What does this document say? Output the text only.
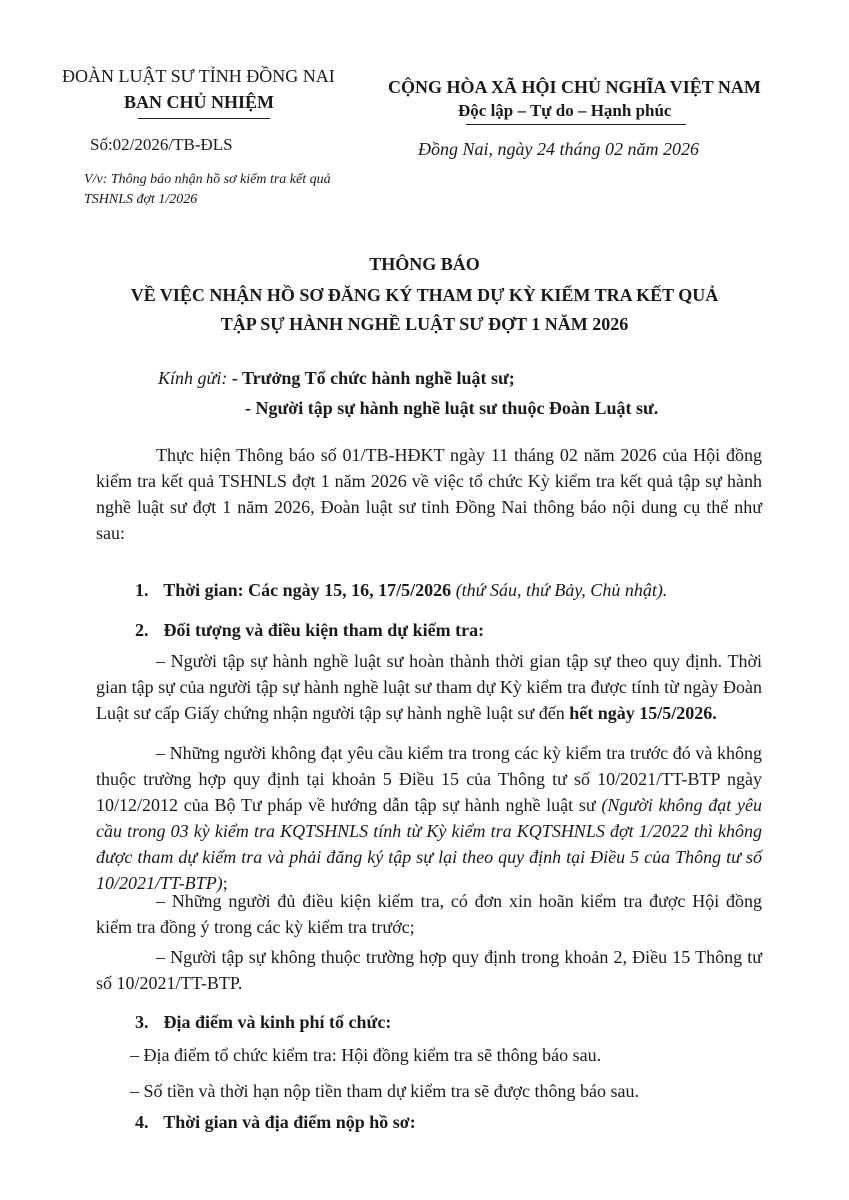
ĐOÀN LUẬT SƯ TỈNH ĐỒNG NAI
BAN CHỦ NHIỆM
Số:02/2026/TB-ĐLS
V/v: Thông báo nhận hồ sơ kiểm tra kết quả TSHNLS đợt 1/2026
CỘNG HÒA XÃ HỘI CHỦ NGHĨA VIỆT NAM
Độc lập – Tự do – Hạnh phúc
Đồng Nai, ngày 24 tháng 02 năm 2026
THÔNG BÁO
VỀ VIỆC NHẬN HỒ SƠ ĐĂNG KÝ THAM DỰ KỲ KIỂM TRA KẾT QUẢ
TẬP SỰ HÀNH NGHỀ LUẬT SƯ ĐỢT 1 NĂM 2026
Kính gửi: - Trưởng Tổ chức hành nghề luật sư;
- Người tập sự hành nghề luật sư thuộc Đoàn Luật sư.

Thực hiện Thông báo số 01/TB-HĐKT ngày 11 tháng 02 năm 2026 của Hội đồng kiểm tra kết quả TSHNLS đợt 1 năm 2026 về việc tổ chức Kỳ kiểm tra kết quả tập sự hành nghề luật sư đợt 1 năm 2026, Đoàn luật sư tỉnh Đồng Nai thông báo nội dung cụ thể như sau:

1. Thời gian: Các ngày 15, 16, 17/5/2026 (thứ Sáu, thứ Bảy, Chủ nhật).
2. Đối tượng và điều kiện tham dự kiểm tra:

– Người tập sự hành nghề luật sư hoàn thành thời gian tập sự theo quy định. Thời gian tập sự của người tập sự hành nghề luật sư tham dự Kỳ kiểm tra được tính từ ngày Đoàn Luật sư cấp Giấy chứng nhận người tập sự hành nghề luật sư đến hết ngày 15/5/2026.

– Những người không đạt yêu cầu kiểm tra trong các kỳ kiểm tra trước đó và không thuộc trường hợp quy định tại khoản 5 Điều 15 của Thông tư số 10/2021/TT-BTP ngày 10/12/2012 của Bộ Tư pháp về hướng dẫn tập sự hành nghề luật sư (Người không đạt yêu cầu trong 03 kỳ kiểm tra KQTSHNLS tính từ Kỳ kiểm tra KQTSHNLS đợt 1/2022 thì không được tham dự kiểm tra và phải đăng ký tập sự lại theo quy định tại Điều 5 của Thông tư số 10/2021/TT-BTP);

– Những người đủ điều kiện kiểm tra, có đơn xin hoãn kiểm tra được Hội đồng kiểm tra đồng ý trong các kỳ kiểm tra trước;

– Người tập sự không thuộc trường hợp quy định trong khoản 2, Điều 15 Thông tư số 10/2021/TT-BTP.

3. Địa điểm và kinh phí tổ chức:
– Địa điểm tổ chức kiểm tra: Hội đồng kiểm tra sẽ thông báo sau.
– Số tiền và thời hạn nộp tiền tham dự kiểm tra sẽ được thông báo sau.
4. Thời gian và địa điểm nộp hồ sơ:
